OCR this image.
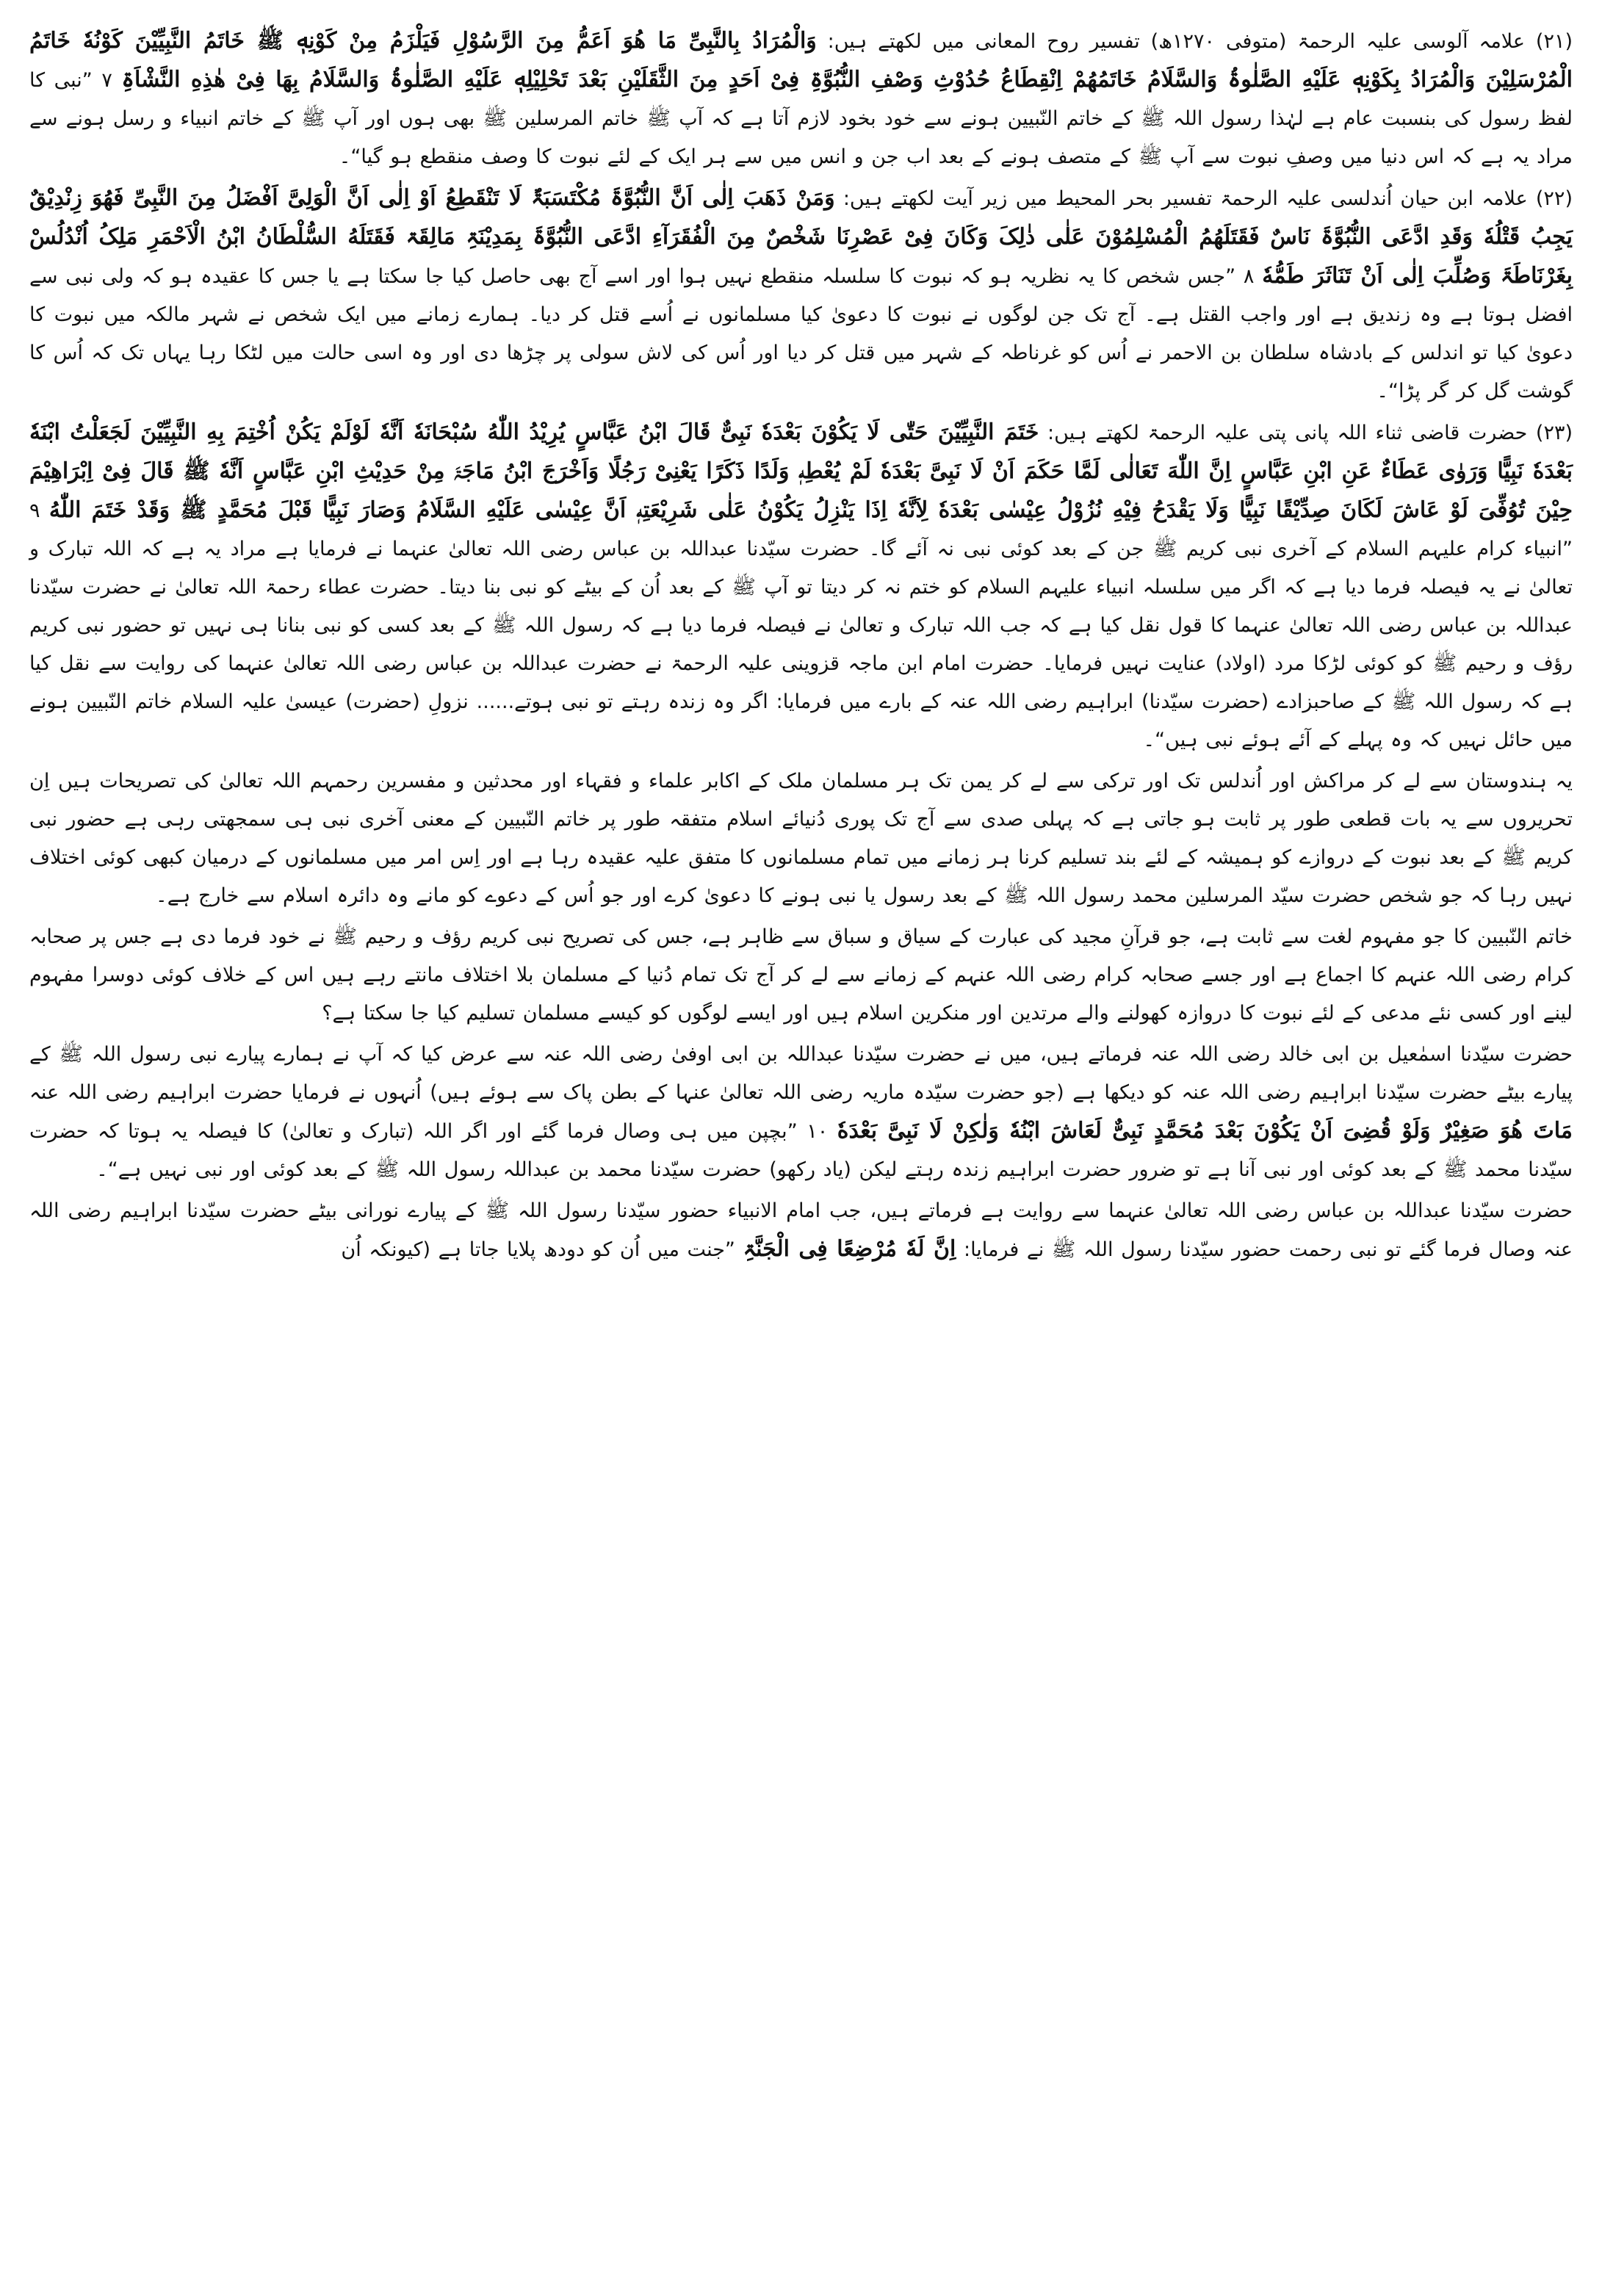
(۲۱) علامہ آلوسی علیہ الرحمۃ (متوفی ۱۲۷۰ھ) تفسیر روح المعانی میں لکھتے ہیں: وَالْمُرَادُ بِالنَّبِیِّ مَا هُوَ اَعَمُّ مِنَ الرَّسُوْلِ فَیَلْزَمُ مِنْ کَوْنِهٖ ﷺ خَاتَمُ النَّبِیِّیْنَ کَوْنُهٗ خَاتَمُ الْمُرْسَلِیْنَ وَالْمُرَادُ بِکَوْنِهٖ عَلَیْهِ الصَّلٰوۃُ وَالسَّلَامُ خَاتَمُهُمْ اِنْقِطَاعُ حُدُوْثِ وَصْفِ النُّبُوَّۃِ فِیْ اَحَدٍ مِنَ الثَّقَلَیْنِ بَعْدَ تَحْلِیْلِهٖ عَلَیْهِ الصَّلٰوۃُ وَالسَّلَامُ بِهَا فِیْ هٰذِهِ النَّشْاَۃِ ۷ ”نبی کا لفظ رسول کی بنسبت عام ہے لہٰذا رسول اللہ ﷺ کے خاتم النّبیین ہونے سے خود بخود لازم آتا ہے کہ آپ ﷺ خاتم المرسلین ﷺ بھی ہوں اور آپ ﷺ کے خاتم انبیاء و رسل ہونے سے مراد یہ ہے کہ اس دنیا میں وصفِ نبوت سے آپ ﷺ کے متصف ہونے کے بعد اب جن و انس میں سے ہر ایک کے لئے نبوت کا وصف منقطع ہو گیا“۔

(۲۲) علامہ ابن حیان اُندلسی علیہ الرحمۃ تفسیر بحر المحیط میں زیر آیت لکھتے ہیں: وَمَنْ ذَهَبَ اِلٰی اَنَّ النُّبُوَّۃَ مُکْتَسَبَۃٌ لَا تَنْقَطِعُ اَوْ اِلٰی اَنَّ الْوَلِیَّ اَفْضَلُ مِنَ النَّبِیِّ فَهُوَ زِنْدِیْقٌ یَجِبُ قَتْلُهٗ وَقَدِ ادَّعَی النُّبُوَّۃَ نَاسٌ فَقَتَلَهُمُ الْمُسْلِمُوْنَ عَلٰی ذٰلِکَ وَکَانَ فِیْ عَصْرِنَا شَخْصٌ مِنَ الْفُقَرَآءِ ادَّعَی النُّبُوَّۃَ بِمَدِیْنَۃِ مَالِقَۃ فَقَتَلَهُ السُّلْطَانُ ابْنُ الْاَحْمَرِ مَلِکُ اُنْدُلُسْ بِغَرْنَاطَۃَ وَصُلِّبَ اِلٰی اَنْ تَنَاثَرَ طَمُّهٗ ۸ ”جس شخص کا یہ نظریہ ہو کہ نبوت کا سلسلہ منقطع نہیں ہوا اور اسے آج بھی حاصل کیا جا سکتا ہے یا جس کا عقیدہ ہو کہ ولی نبی سے افضل ہوتا ہے وہ زندیق ہے اور واجب القتل ہے۔ آج تک جن لوگوں نے نبوت کا دعویٰ کیا مسلمانوں نے اُسے قتل کر دیا۔ ہمارے زمانے میں ایک شخص نے شہر مالکہ میں نبوت کا دعویٰ کیا تو اندلس کے بادشاہ سلطان بن الاحمر نے اُس کو غرناطہ کے شہر میں قتل کر دیا اور اُس کی لاش سولی پر چڑھا دی اور وہ اسی حالت میں لٹکا رہا یہاں تک کہ اُس کا گوشت گل کر گر پڑا“۔

(۲۳) حضرت قاضی ثناء اللہ پانی پتی علیہ الرحمۃ لکھتے ہیں: خَتَمَ النَّبِیِّیْنَ حَتّٰی لَا یَکُوْنَ بَعْدَهٗ نَبِیٌّ قَالَ ابْنُ عَبَّاسٍ یُرِیْدُ اللّٰهُ سُبْحَانَهٗ اَنَّهٗ لَوْلَمْ یَکُنْ اُخْتِمَ بِهِ النَّبِیِّیْنَ لَجَعَلْتُ ابْنَهٗ بَعْدَهٗ نَبِیًّا وَرَوٰی عَطَاءٌ عَنِ ابْنِ عَبَّاسٍ اِنَّ اللّٰهَ تَعَالٰی لَمَّا حَکَمَ اَنْ لَا نَبِیَّ بَعْدَهٗ لَمْ یُعْطِهٖ وَلَدًا ذَکَرًا یَعْنِیْ رَجُلًا وَاَخْرَجَ ابْنُ مَاجَۃَ مِنْ حَدِیْثِ ابْنِ عَبَّاسٍ اَنَّهٗ ﷺ قَالَ فِیْ اِبْرَاهِیْمَ حِیْنَ تُوُفِّیَ لَوْ عَاشَ لَکَانَ صِدِّیْقًا نَبِیًّا وَلَا یَقْدَحُ فِیْهِ نُزُوْلُ عِیْسٰی بَعْدَهٗ لِاَنَّهٗ اِذَا یَنْزِلُ یَکُوْنُ عَلٰی شَرِیْعَتِهٖ اَنَّ عِیْسٰی عَلَیْهِ السَّلَامُ وَصَارَ نَبِیًّا قَبْلَ مُحَمَّدٍ ﷺ وَقَدْ خَتَمَ اللّٰهُ ۹ ”انبیاء کرام علیہم السلام کے آخری نبی کریم ﷺ جن کے بعد کوئی نبی نہ آئے گا۔ حضرت سیّدنا عبداللہ بن عباس رضی اللہ تعالیٰ عنہما نے فرمایا ہے مراد یہ ہے کہ اللہ تبارک و تعالیٰ نے یہ فیصلہ فرما دیا ہے کہ اگر میں سلسلہ انبیاء علیہم السلام کو ختم نہ کر دیتا تو آپ ﷺ کے بعد اُن کے بیٹے کو نبی بنا دیتا۔ حضرت عطاء رحمۃ اللہ تعالیٰ نے حضرت سیّدنا عبداللہ بن عباس رضی اللہ تعالیٰ عنہما کا قول نقل کیا ہے کہ جب اللہ تبارک و تعالیٰ نے فیصلہ فرما دیا ہے کہ رسول اللہ ﷺ کے بعد کسی کو نبی بنانا ہی نہیں تو حضور نبی کریم رؤف و رحیم ﷺ کو کوئی لڑکا مرد (اولاد) عنایت نہیں فرمایا۔ حضرت امام ابن ماجہ قزوینی علیہ الرحمۃ نے حضرت عبداللہ بن عباس رضی اللہ تعالیٰ عنہما کی روایت سے نقل کیا ہے کہ رسول اللہ ﷺ کے صاحبزادے (حضرت سیّدنا) ابراہیم رضی اللہ عنہ کے بارے میں فرمایا: اگر وہ زندہ رہتے تو نبی ہوتے...... نزولِ (حضرت) عیسیٰ علیہ السلام خاتم النّبیین ہونے میں حائل نہیں کہ وہ پہلے کے آئے ہوئے نبی ہیں“۔

یہ ہندوستان سے لے کر مراکش اور اُندلس تک اور ترکی سے لے کر یمن تک ہر مسلمان ملک کے اکابر علماء و فقہاء اور محدثین و مفسرین رحمہم اللہ تعالیٰ کی تصریحات ہیں اِن تحریروں سے یہ بات قطعی طور پر ثابت ہو جاتی ہے کہ پہلی صدی سے آج تک پوری دُنیائے اسلام متفقہ طور پر خاتم النّبیین کے معنی آخری نبی ہی سمجھتی رہی ہے حضور نبی کریم ﷺ کے بعد نبوت کے دروازے کو ہمیشہ کے لئے بند تسلیم کرنا ہر زمانے میں تمام مسلمانوں کا متفق علیہ عقیدہ رہا ہے اور اِس امر میں مسلمانوں کے درمیان کبھی کوئی اختلاف نہیں رہا کہ جو شخص حضرت سیّد المرسلین محمد رسول اللہ ﷺ کے بعد رسول یا نبی ہونے کا دعویٰ کرے اور جو اُس کے دعوے کو مانے وہ دائرہ اسلام سے خارج ہے۔

خاتم النّبیین کا جو مفہوم لغت سے ثابت ہے، جو قرآنِ مجید کی عبارت کے سیاق و سباق سے ظاہر ہے، جس کی تصریح نبی کریم رؤف و رحیم ﷺ نے خود فرما دی ہے جس پر صحابہ کرام رضی اللہ عنہم کا اجماع ہے اور جسے صحابہ کرام رضی اللہ عنہم کے زمانے سے لے کر آج تک تمام دُنیا کے مسلمان بلا اختلاف مانتے رہے ہیں اس کے خلاف کوئی دوسرا مفہوم لینے اور کسی نئے مدعی کے لئے نبوت کا دروازہ کھولنے والے مرتدین اور منکرین اسلام ہیں اور ایسے لوگوں کو کیسے مسلمان تسلیم کیا جا سکتا ہے؟

حضرت سیّدنا اسمٰعیل بن ابی خالد رضی اللہ عنہ فرماتے ہیں، میں نے حضرت سیّدنا عبداللہ بن ابی اوفیٰ رضی اللہ عنہ سے عرض کیا کہ آپ نے ہمارے پیارے نبی رسول اللہ ﷺ کے پیارے بیٹے حضرت سیّدنا ابراہیم رضی اللہ عنہ کو دیکھا ہے (جو حضرت سیّدہ ماریہ رضی اللہ تعالیٰ عنہا کے بطن پاک سے ہوئے ہیں) اُنہوں نے فرمایا حضرت ابراہیم رضی اللہ عنہ مَاتَ هُوَ صَغِیْرٌ وَلَوْ قُضِیَ اَنْ یَکُوْنَ بَعْدَ مُحَمَّدٍ نَبِیٌّ لَعَاشَ ابْنُهٗ وَلٰکِنْ لَا نَبِیَّ بَعْدَهٗ ۱۰ ”بچپن میں ہی وصال فرما گئے اور اگر اللہ (تبارک و تعالیٰ) کا فیصلہ یہ ہوتا کہ حضرت سیّدنا محمد ﷺ کے بعد کوئی اور نبی آنا ہے تو ضرور حضرت ابراہیم زندہ رہتے لیکن (یاد رکھو) حضرت سیّدنا محمد بن عبداللہ رسول اللہ ﷺ کے بعد کوئی اور نبی نہیں ہے“۔

حضرت سیّدنا عبداللہ بن عباس رضی اللہ تعالیٰ عنہما سے روایت ہے فرماتے ہیں، جب امام الانبیاء حضور سیّدنا رسول اللہ ﷺ کے پیارے نورانی بیٹے حضرت سیّدنا ابراہیم رضی اللہ عنہ وصال فرما گئے تو نبی رحمت حضور سیّدنا رسول اللہ ﷺ نے فرمایا: اِنَّ لَهٗ مُرْضِعًا فِی الْجَنَّۃِ ”جنت میں اُن کو دودھ پلایا جاتا ہے (کیونکہ اُن
